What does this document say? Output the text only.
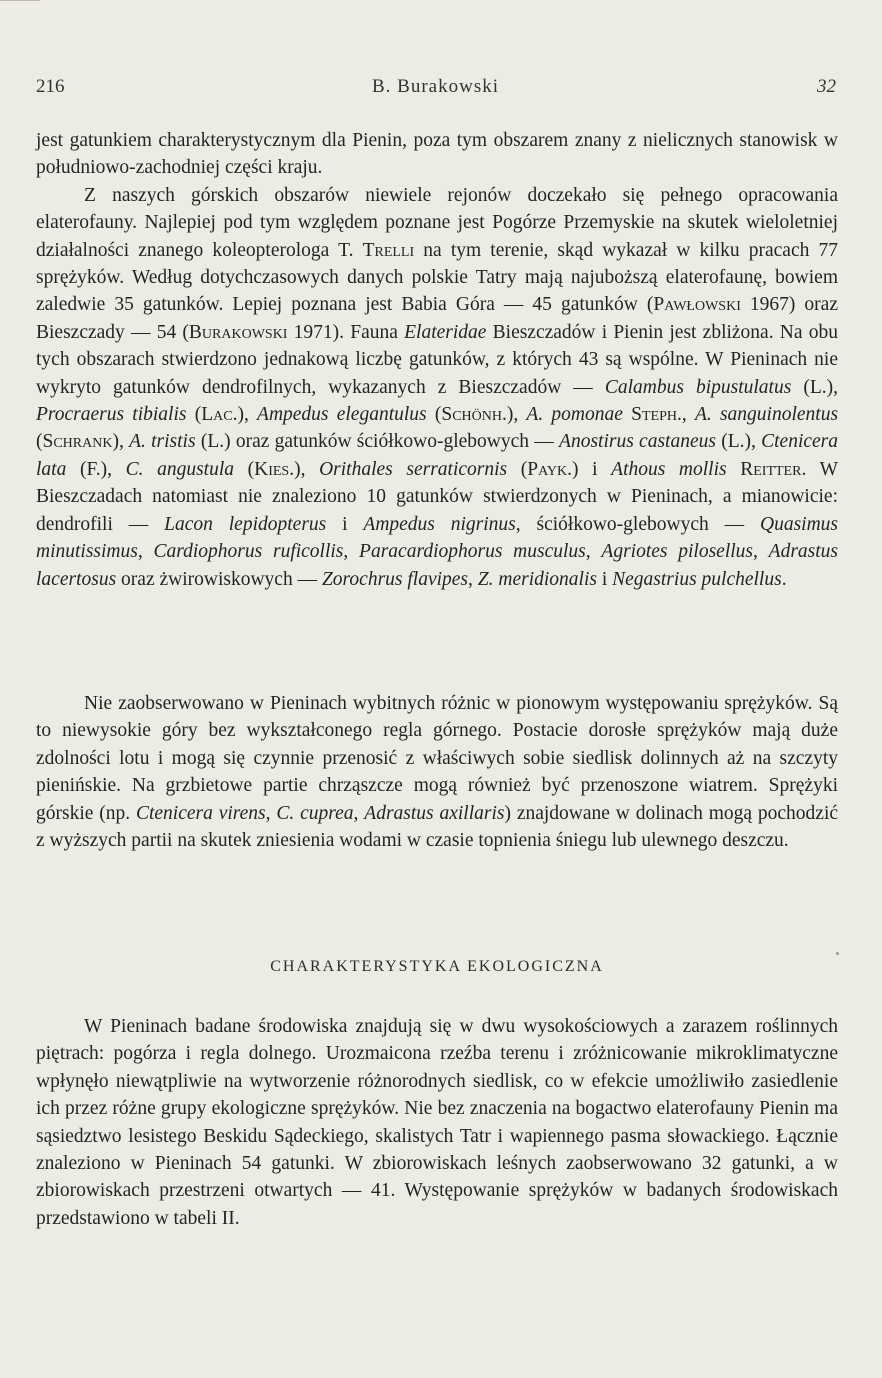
216	B. Burakowski	32

jest gatunkiem charakterystycznym dla Pienin, poza tym obszarem znany z nielicznych stanowisk w południowo-zachodniej części kraju.

Z naszych górskich obszarów niewiele rejonów doczekało się pełnego opracowania elaterofauny. Najlepiej pod tym względem poznane jest Pogórze Przemyskie na skutek wieloletniej działalności znanego koleopterologa T. Trelli na tym terenie, skąd wykazał w kilku pracach 77 sprężyków. Według dotychczasowych danych polskie Tatry mają najuboższą elaterofaunę, bowiem zaledwie 35 gatunków. Lepiej poznana jest Babia Góra — 45 gatunków (Pawłowski 1967) oraz Bieszczady — 54 (Burakowski 1971). Fauna Elateridae Bieszczadów i Pienin jest zbliżona. Na obu tych obszarach stwierdzono jednakową liczbę gatunków, z których 43 są wspólne. W Pieninach nie wykryto gatunków dendrofilnych, wykazanych z Bieszczadów — Calambus bipustulatus (L.), Procraerus tibialis (Lac.), Ampedus elegantulus (Schönh.), A. pomonae Steph., A. sanguinolentus (Schrank), A. tristis (L.) oraz gatunków ściółkowo-glebowych — Anostirus castaneus (L.), Ctenicera lata (F.), C. angustula (Kies.), Orithales serraticornis (Payk.) i Athous mollis Reitter. W Bieszczadach natomiast nie znaleziono 10 gatunków stwierdzonych w Pieninach, a mianowicie: dendrofili — Lacon lepidopterus i Ampedus nigrinus, ściółkowo-glebowych — Quasimus minutissimus, Cardiophorus ruficollis, Paracardiophorus musculus, Agriotes pilosellus, Adrastus lacertosus oraz żwirowiskowych — Zorochrus flavipes, Z. meridionalis i Negastrius pulchellus.

Nie zaobserwowano w Pieninach wybitnych różnic w pionowym występowaniu sprężyków. Są to niewysokie góry bez wykształconego regla górnego. Postacie dorosłe sprężyków mają duże zdolności lotu i mogą się czynnie przenosić z właściwych sobie siedlisk dolinnych aż na szczyty pienińskie. Na grzbietowe partie chrząszcze mogą również być przenoszone wiatrem. Sprężyki górskie (np. Ctenicera virens, C. cuprea, Adrastus axillaris) znajdowane w dolinach mogą pochodzić z wyższych partii na skutek zniesienia wodami w czasie topnienia śniegu lub ulewnego deszczu.

CHARAKTERYSTYKA EKOLOGICZNA

W Pieninach badane środowiska znajdują się w dwu wysokościowych a zarazem roślinnych piętrach: pogórza i regla dolnego. Urozmaicona rzeźba terenu i zróżnicowanie mikroklimatyczne wpłynęło niewątpliwie na wytworzenie różnorodnych siedlisk, co w efekcie umożliwiło zasiedlenie ich przez różne grupy ekologiczne sprężyków. Nie bez znaczenia na bogactwo elaterofauny Pienin ma sąsiedztwo lesistego Beskidu Sądeckiego, skalistych Tatr i wapiennego pasma słowackiego. Łącznie znaleziono w Pieninach 54 gatunki. W zbiorowiskach leśnych zaobserwowano 32 gatunki, a w zbiorowiskach przestrzeni otwartych — 41. Występowanie sprężyków w badanych środowiskach przedstawiono w tabeli II.
